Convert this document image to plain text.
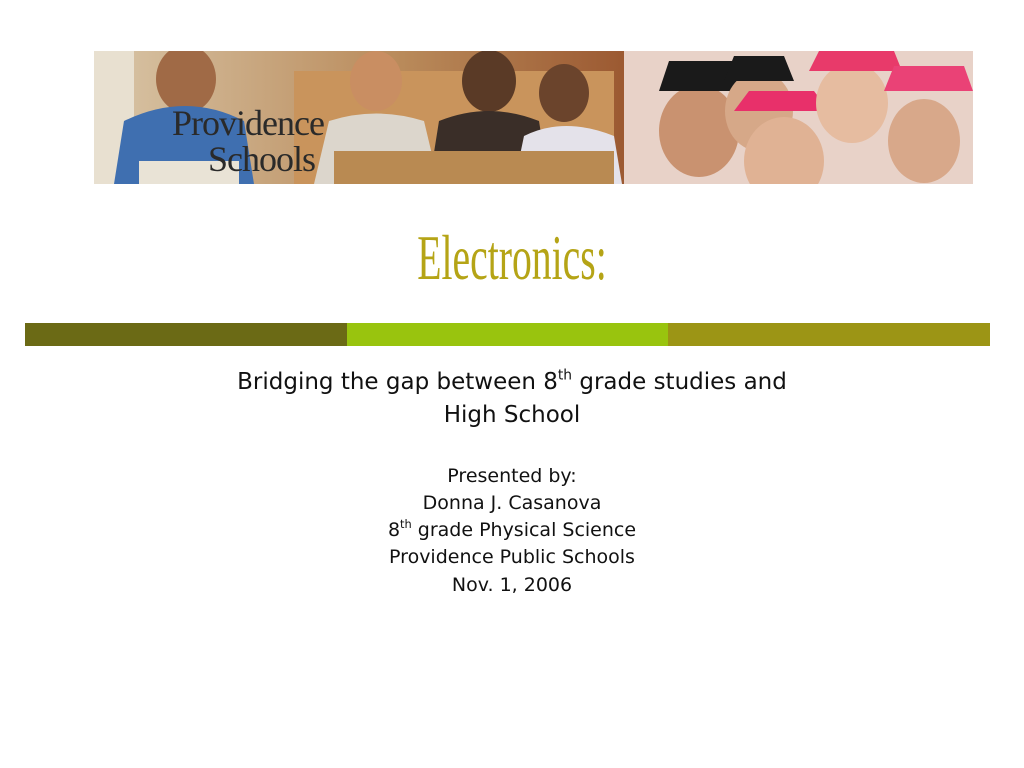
Providence
Schools
Electronics:
Bridging the gap between 8th grade studies and
High School
Presented by:
Donna J. Casanova
8th grade Physical Science
Providence Public Schools
Nov. 1, 2006
